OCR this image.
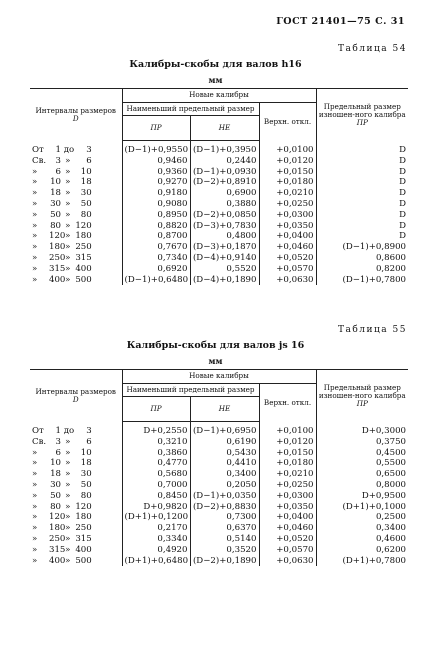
ГОСТ 21401—75 С. 31
Таблица 54
Калибры-скобы для валов h16
мм
Интервалы размеров
D	Новые калибры			Предельный размер изношен-ного калибра
ПР
	Наименьший предельный размер		Верхн. откл.	
	ПР	НЕ		

От 1 до 3	(D−1)+0,9550	(D−1)+0,3950	+0,0100	D
Св. 3 » 6	0,9460	0,2440	+0,0120	D
» 6 » 10	0,9360	(D−1)+0,0930	+0,0150	D
» 10 » 18	0,9270	(D−2)+0,8910	+0,0180	D
» 18 » 30	0,9180	0,6900	+0,0210	D
» 30 » 50	0,9080	0,3880	+0,0250	D
» 50 » 80	0,8950	(D−2)+0,0850	+0,0300	D
» 80 » 120	0,8820	(D−3)+0,7830	+0,0350	D
» 120 » 180	0,8700	0,4800	+0,0400	D
» 180 » 250	0,7670	(D−3)+0,1870	+0,0460	(D−1)+0,8900
» 250 » 315	0,7340	(D−4)+0,9140	+0,0520	0,8600
» 315 » 400	0,6920	0,5520	+0,0570	0,8200
» 400 » 500	(D−1)+0,6480	(D−4)+0,1890	+0,0630	(D−1)+0,7800
Таблица 55
Калибры-скобы для валов js 16
мм
Интервалы размеров
D	Новые калибры			Предельный размер изношен-ного калибра
ПР
	Наименьший предельный размер		Верхн. откл.	
	ПР	НЕ		

От 1 до 3	D+0,2550	(D−1)+0,6950	+0,0100	D+0,3000
Св. 3 » 6	0,3210	0,6190	+0,0120	0,3750
» 6 » 10	0,3860	0,5430	+0,0150	0,4500
» 10 » 18	0,4770	0,4410	+0,0180	0,5500
» 18 » 30	0,5680	0,3400	+0,0210	0,6500
» 30 » 50	0,7000	0,2050	+0,0250	0,8000
» 50 » 80	0,8450	(D−1)+0,0350	+0,0300	D+0,9500
» 80 » 120	D+0,9820	(D−2)+0,8830	+0,0350	(D+1)+0,1000
» 120 » 180	(D+1)+0,1200	0,7300	+0,0400	0,2500
» 180 » 250	0,2170	0,6370	+0,0460	0,3400
» 250 » 315	0,3340	0,5140	+0,0520	0,4600
» 315 » 400	0,4920	0,3520	+0,0570	0,6200
» 400 » 500	(D+1)+0,6480	(D−2)+0,1890	+0,0630	(D+1)+0,7800
